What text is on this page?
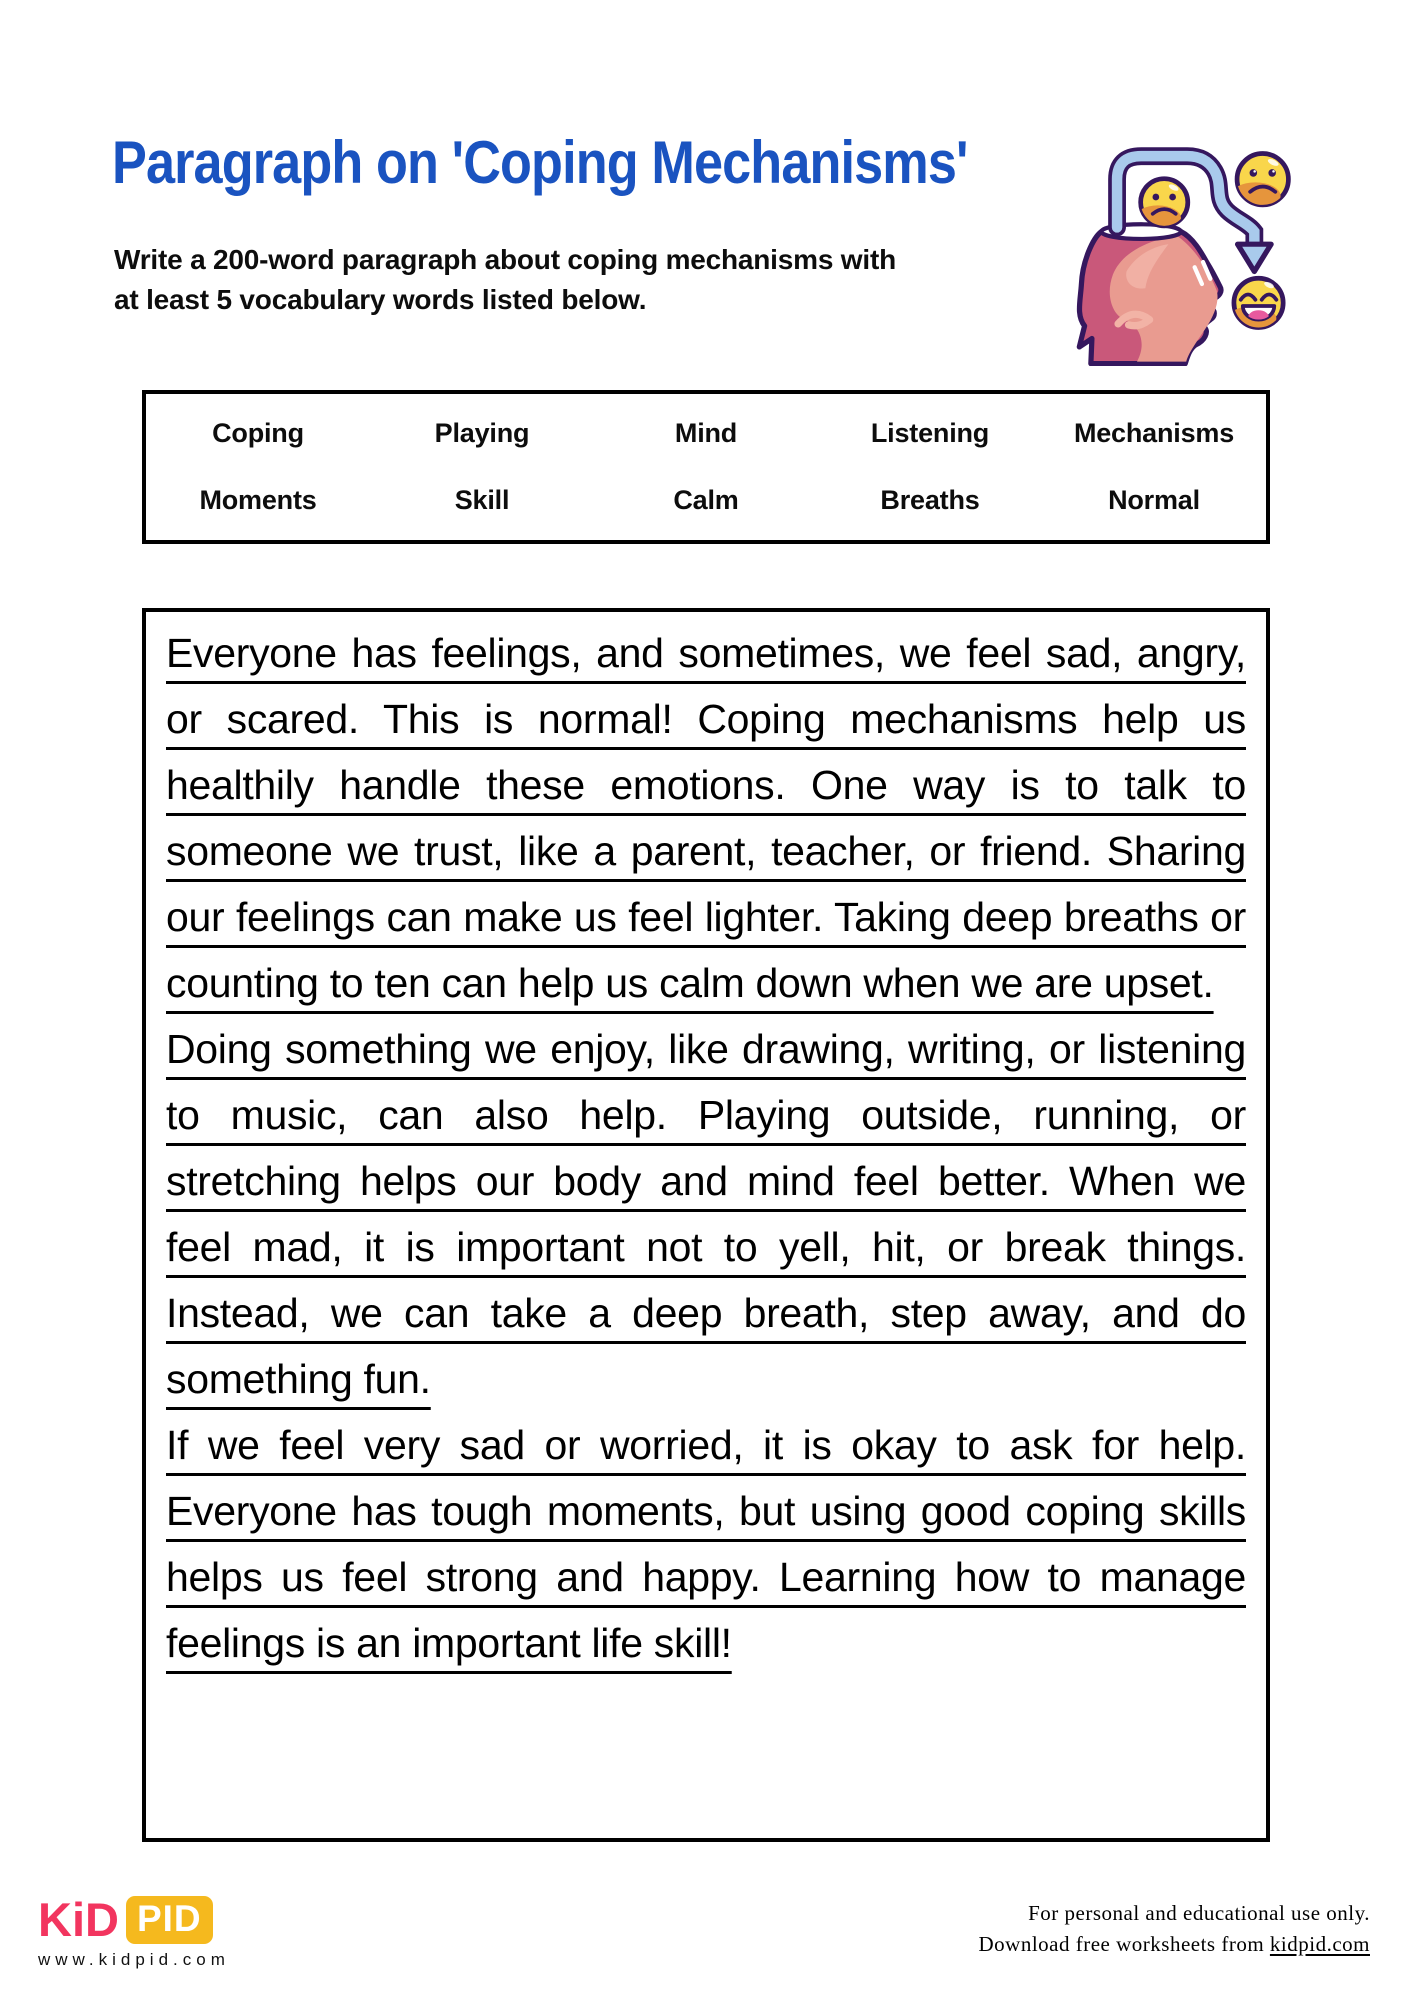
Paragraph on 'Coping Mechanisms'
Write a 200-word paragraph about coping mechanisms with
at least 5 vocabulary words listed below.
Coping	Playing	Mind	Listening	Mechanisms
Moments	Skill	Calm	Breaths	Normal

Everyone has feelings, and sometimes, we feel sad, angry, or scared. This is normal! Coping mechanisms help us healthily handle these emotions. One way is to talk to someone we trust, like a parent, teacher, or friend. Sharing our feelings can make us feel lighter. Taking deep breaths or counting to ten can help us calm down when we are upset.

Doing something we enjoy, like drawing, writing, or listening to music, can also help. Playing outside, running, or stretching helps our body and mind feel better. When we feel mad, it is important not to yell, hit, or break things. Instead, we can take a deep breath, step away, and do something fun.

If we feel very sad or worried, it is okay to ask for help. Everyone has tough moments, but using good coping skills helps us feel strong and happy. Learning how to manage feelings is an important life skill!

KiD PID
www.kidpid.com
For personal and educational use only.
Download free worksheets from kidpid.com
